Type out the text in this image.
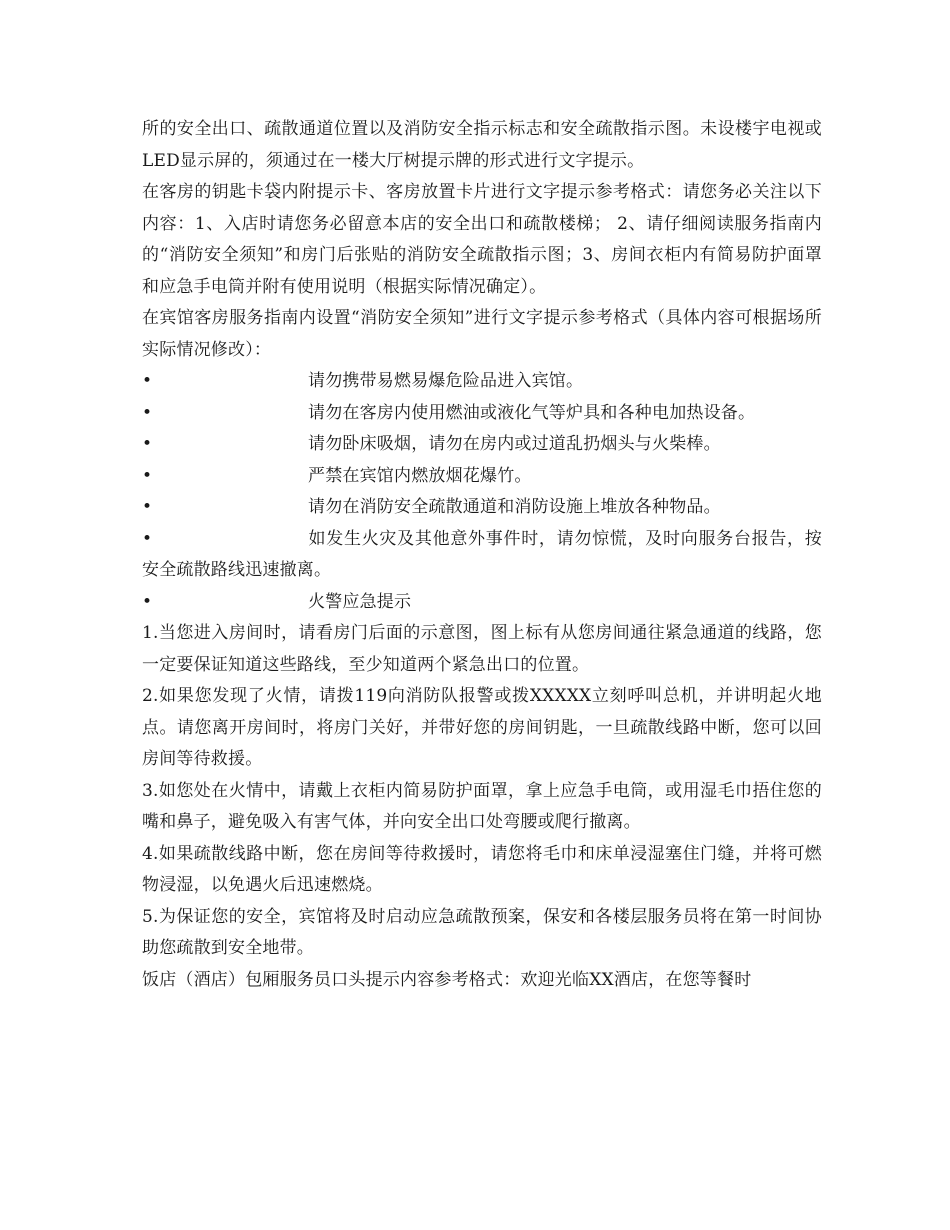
所的安全出口、疏散通道位置以及消防安全指示标志和安全疏散指示图。未设楼宇电视或LED显示屏的，须通过在一楼大厅树提示牌的形式进行文字提示。

在客房的钥匙卡袋内附提示卡、客房放置卡片进行文字提示参考格式：请您务必关注以下内容：1、入店时请您务必留意本店的安全出口和疏散楼梯； 2、请仔细阅读服务指南内的“消防安全须知”和房门后张贴的消防安全疏散指示图；3、房间衣柜内有简易防护面罩和应急手电筒并附有使用说明（根据实际情况确定）。

在宾馆客房服务指南内设置“消防安全须知”进行文字提示参考格式（具体内容可根据场所实际情况修改）：

•	请勿携带易燃易爆危险品进入宾馆。

•	请勿在客房内使用燃油或液化气等炉具和各种电加热设备。

•	请勿卧床吸烟，请勿在房内或过道乱扔烟头与火柴棒。

•	严禁在宾馆内燃放烟花爆竹。

•	请勿在消防安全疏散通道和消防设施上堆放各种物品。

•	如发生火灾及其他意外事件时，请勿惊慌，及时向服务台报告，按安全疏散路线迅速撤离。

•	火警应急提示

1.当您进入房间时，请看房门后面的示意图，图上标有从您房间通往紧急通道的线路，您一定要保证知道这些路线，至少知道两个紧急出口的位置。

2.如果您发现了火情，请拨119向消防队报警或拨XXXXX立刻呼叫总机，并讲明起火地点。请您离开房间时，将房门关好，并带好您的房间钥匙，一旦疏散线路中断，您可以回房间等待救援。

3.如您处在火情中，请戴上衣柜内简易防护面罩，拿上应急手电筒，或用湿毛巾捂住您的嘴和鼻子，避免吸入有害气体，并向安全出口处弯腰或爬行撤离。

4.如果疏散线路中断，您在房间等待救援时，请您将毛巾和床单浸湿塞住门缝，并将可燃物浸湿，以免遇火后迅速燃烧。

5.为保证您的安全，宾馆将及时启动应急疏散预案，保安和各楼层服务员将在第一时间协助您疏散到安全地带。

饭店（酒店）包厢服务员口头提示内容参考格式：欢迎光临XX酒店，在您等餐时
